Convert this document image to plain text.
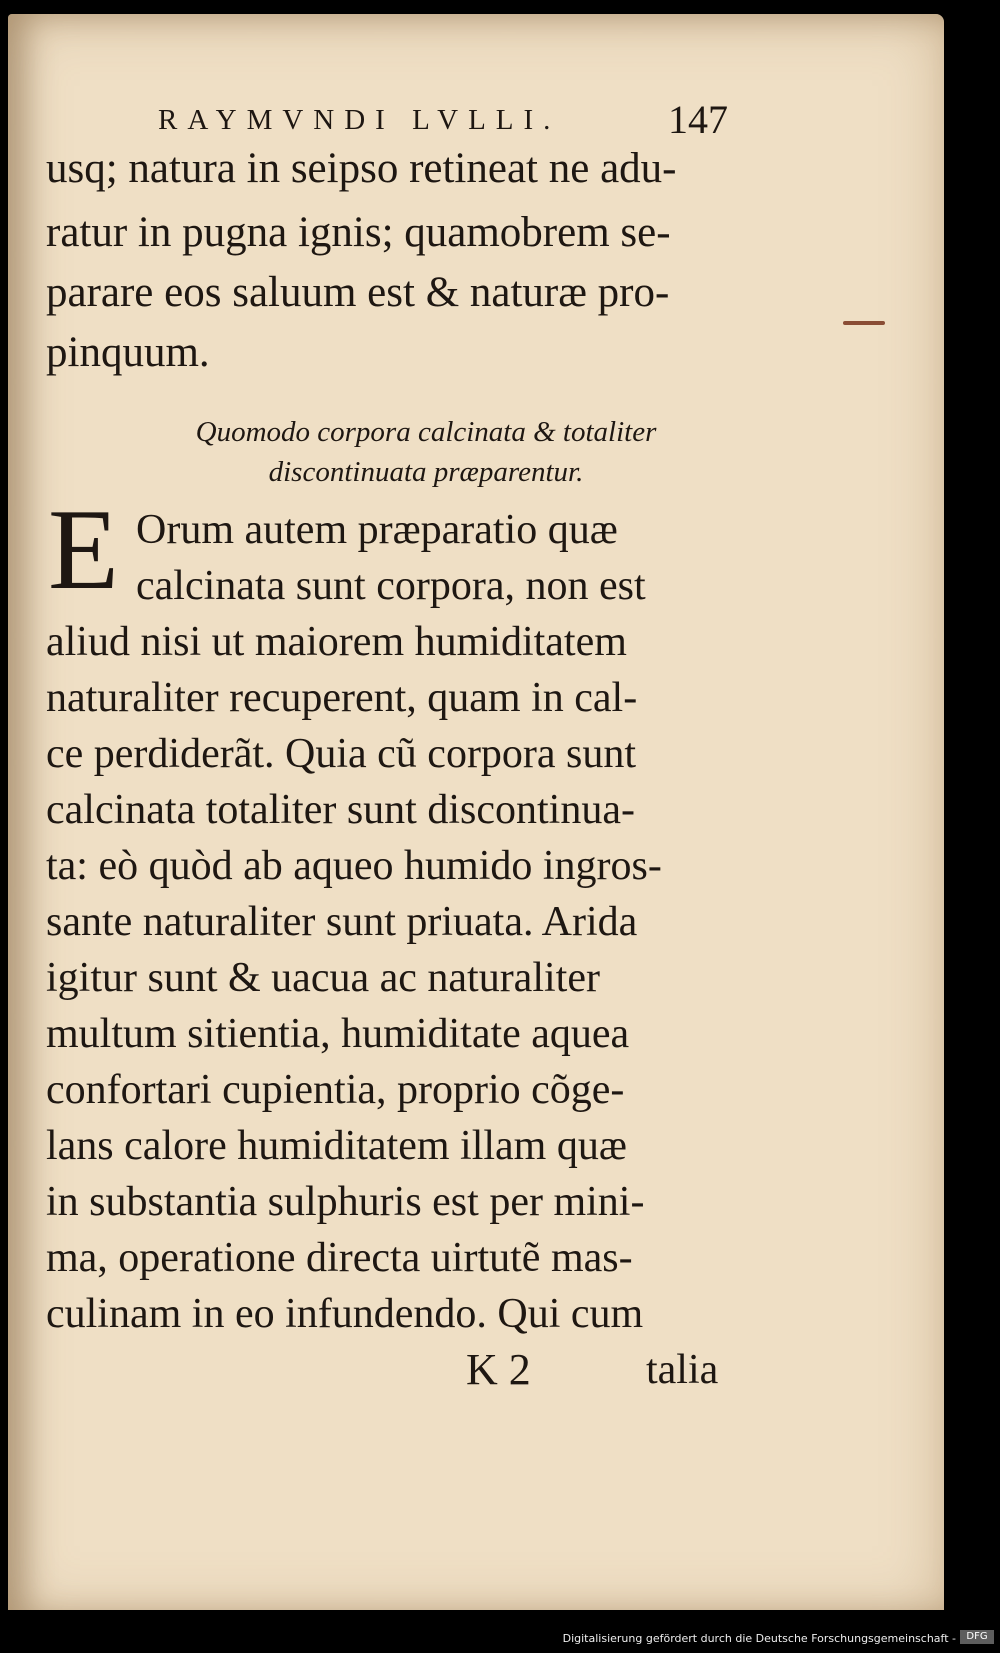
RAYMVNDI LVLLI.	147
usq; natura in seipso retineat ne adu-
ratur in pugna ignis; quamobrem se-
parare eos saluum est & naturæ pro-
pinquum.
Quomodo corpora calcinata & totaliter
discontinuata præparentur.
E Orum autem præparatio quæ
calcinata sunt corpora, non est
aliud nisi ut maiorem humiditatem
naturaliter recuperent, quam in cal-
ce perdiderãt. Quia cũ corpora sunt
calcinata totaliter sunt discontinua-
ta: eò quòd ab aqueo humido ingros-
sante naturaliter sunt priuata. Arida
igitur sunt & uacua ac naturaliter
multum sitientia, humiditate aquea
confortari cupientia, proprio cõge-
lans calore humiditatem illam quæ
in substantia sulphuris est per mini-
ma, operatione directa uirtutẽ mas-
culinam in eo infundendo. Qui cum
K 2	talia
Digitalisierung gefördert durch die Deutsche Forschungsgemeinschaft -	DFG
